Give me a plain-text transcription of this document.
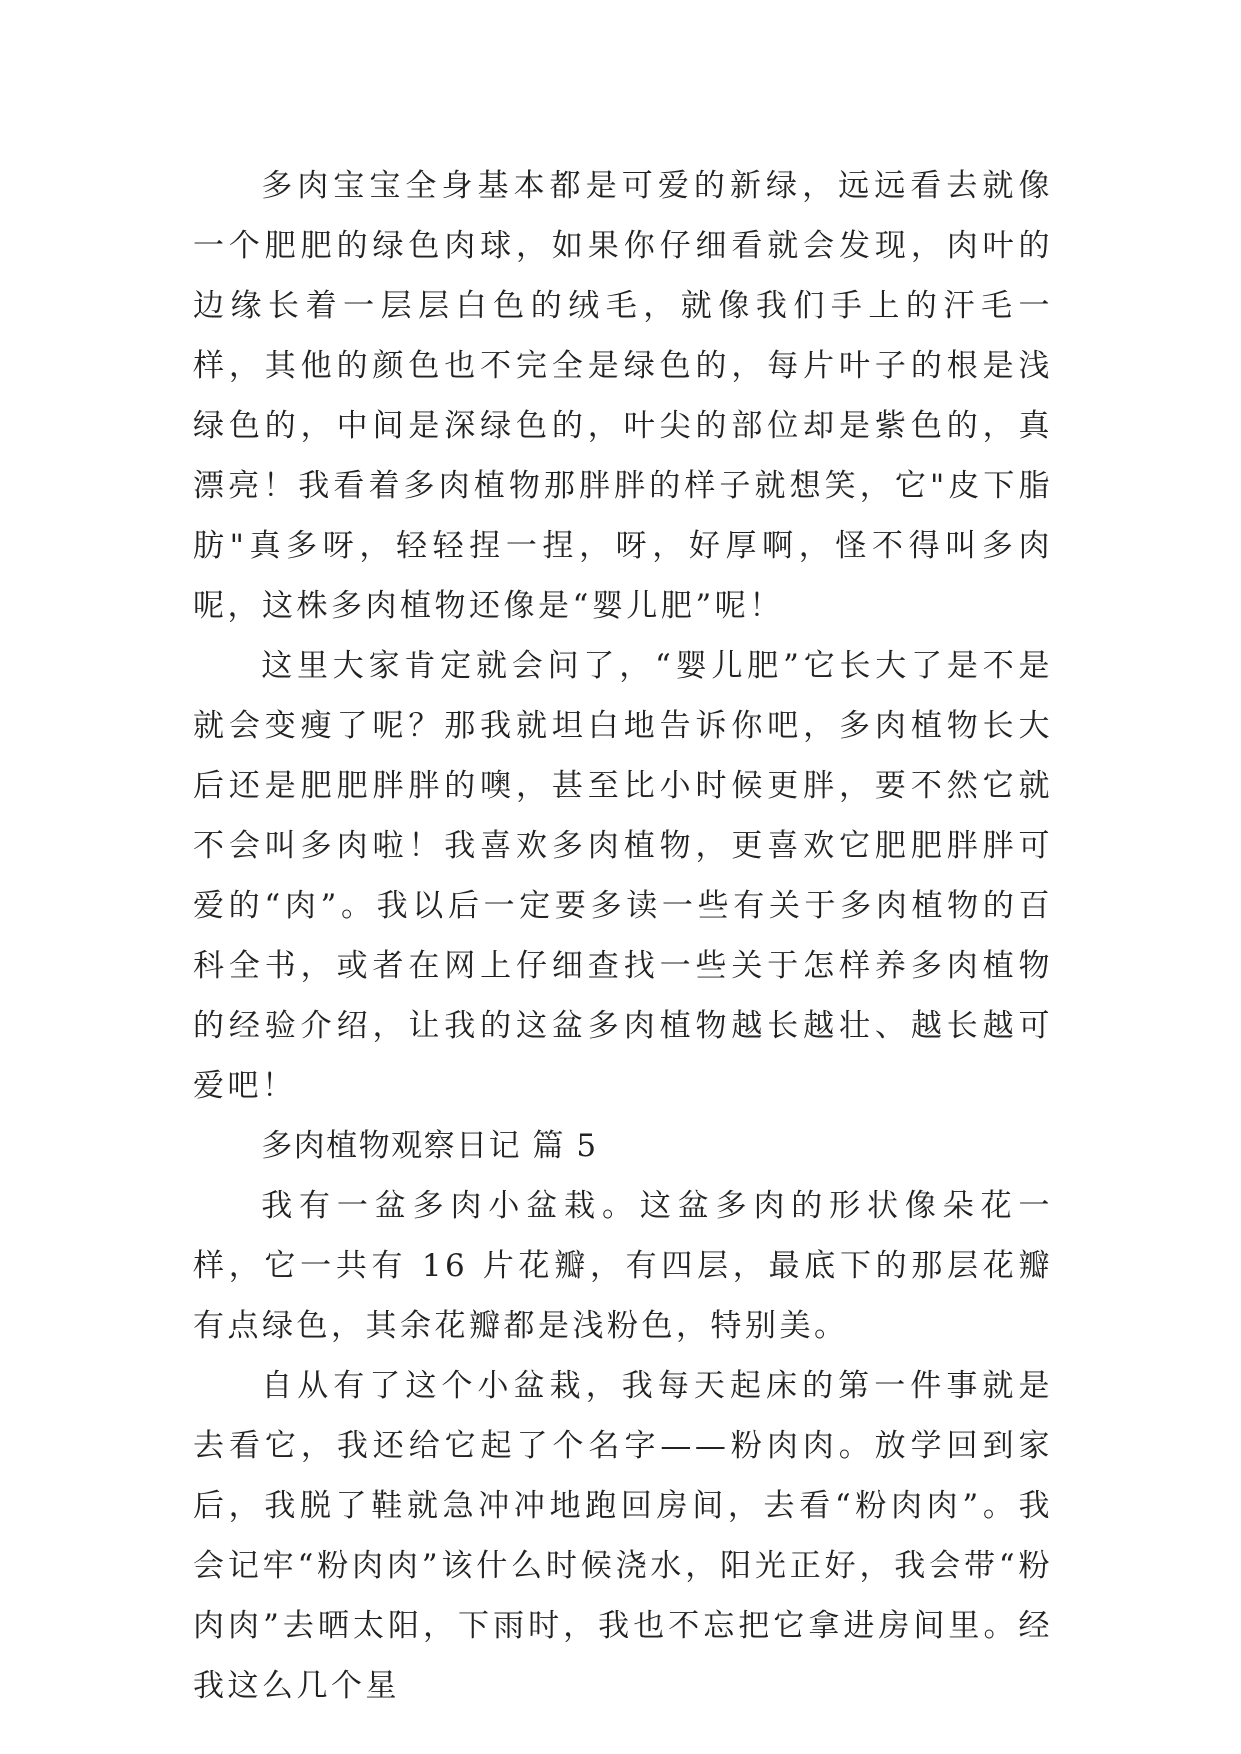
多肉宝宝全身基本都是可爱的新绿，远远看去就像一个肥肥的绿色肉球，如果你仔细看就会发现，肉叶的边缘长着一层层白色的绒毛，就像我们手上的汗毛一样，其他的颜色也不完全是绿色的，每片叶子的根是浅绿色的，中间是深绿色的，叶尖的部位却是紫色的，真漂亮！我看着多肉植物那胖胖的样子就想笑，它"皮下脂肪"真多呀，轻轻捏一捏，呀，好厚啊，怪不得叫多肉呢，这株多肉植物还像是“婴儿肥”呢！

这里大家肯定就会问了，“婴儿肥”它长大了是不是就会变瘦了呢？那我就坦白地告诉你吧，多肉植物长大后还是肥肥胖胖的噢，甚至比小时候更胖，要不然它就不会叫多肉啦！我喜欢多肉植物，更喜欢它肥肥胖胖可爱的“肉”。我以后一定要多读一些有关于多肉植物的百科全书，或者在网上仔细查找一些关于怎样养多肉植物的经验介绍，让我的这盆多肉植物越长越壮、越长越可爱吧！

多肉植物观察日记 篇 5

我有一盆多肉小盆栽。这盆多肉的形状像朵花一样，它一共有 16 片花瓣，有四层，最底下的那层花瓣有点绿色，其余花瓣都是浅粉色，特别美。

自从有了这个小盆栽，我每天起床的第一件事就是去看它，我还给它起了个名字——粉肉肉。放学回到家后，我脱了鞋就急冲冲地跑回房间，去看“粉肉肉”。我会记牢“粉肉肉”该什么时候浇水，阳光正好，我会带“粉肉肉”去晒太阳，下雨时，我也不忘把它拿进房间里。经我这么几个星
